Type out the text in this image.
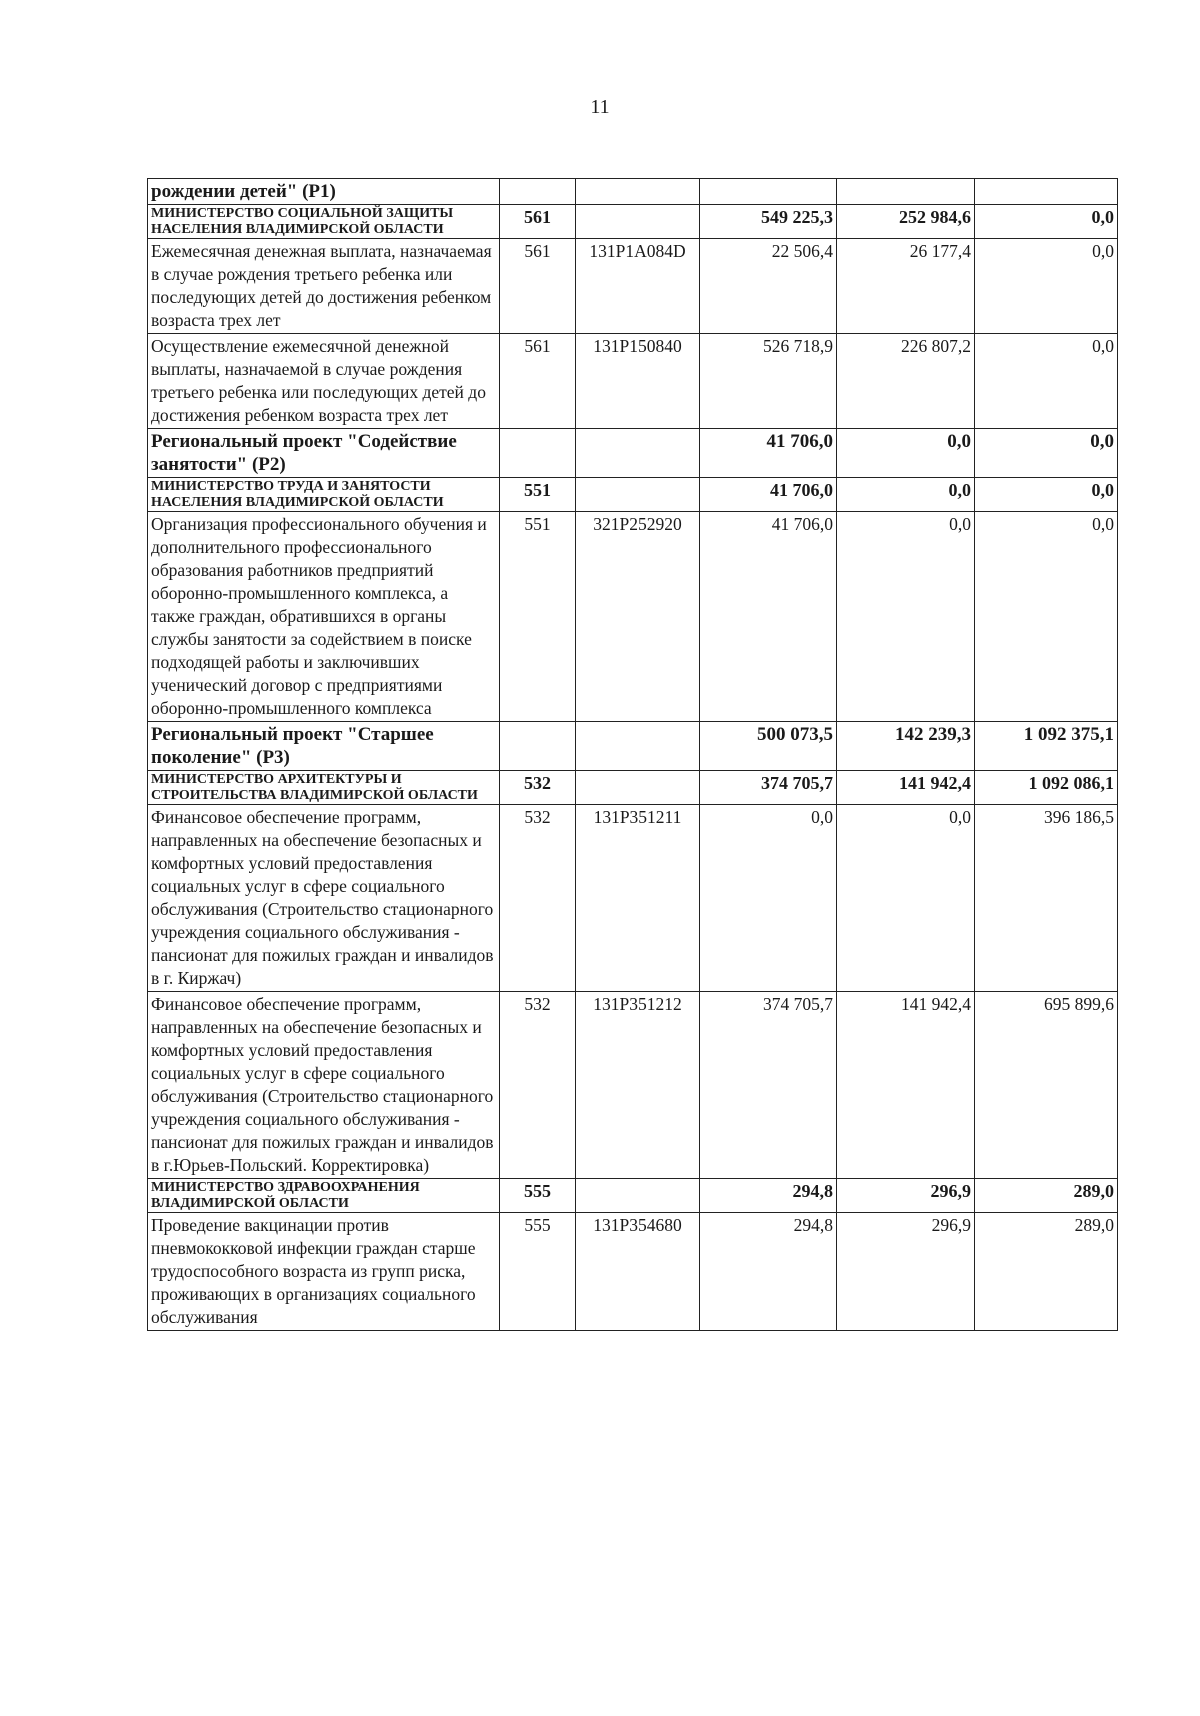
11
рождении детей" (P1)					
МИНИСТЕРСТВО СОЦИАЛЬНОЙ ЗАЩИТЫ НАСЕЛЕНИЯ ВЛАДИМИРСКОЙ ОБЛАСТИ	561		549 225,3	252 984,6	0,0
Ежемесячная денежная выплата, назначаемая в случае рождения третьего ребенка или последующих детей до достижения ребенком возраста трех лет	561	131P1A084D	22 506,4	26 177,4	0,0
Осуществление ежемесячной денежной выплаты, назначаемой в случае рождения третьего ребенка или последующих детей до достижения ребенком возраста трех лет	561	131P150840	526 718,9	226 807,2	0,0
Региональный проект "Содействие занятости" (P2)			41 706,0	0,0	0,0
МИНИСТЕРСТВО ТРУДА И ЗАНЯТОСТИ НАСЕЛЕНИЯ ВЛАДИМИРСКОЙ ОБЛАСТИ	551		41 706,0	0,0	0,0
Организация профессионального обучения и дополнительного профессионального образования работников предприятий оборонно-промышленного комплекса, а также граждан, обратившихся в органы службы занятости за содействием в поиске подходящей работы и заключивших ученический договор с предприятиями оборонно-промышленного комплекса	551	321P252920	41 706,0	0,0	0,0
Региональный проект "Старшее поколение" (P3)			500 073,5	142 239,3	1 092 375,1
МИНИСТЕРСТВО АРХИТЕКТУРЫ И СТРОИТЕЛЬСТВА ВЛАДИМИРСКОЙ ОБЛАСТИ	532		374 705,7	141 942,4	1 092 086,1
Финансовое обеспечение программ, направленных на обеспечение безопасных и комфортных условий предоставления социальных услуг в сфере социального обслуживания (Строительство стационарного учреждения социального обслуживания - пансионат для пожилых граждан и инвалидов в г. Киржач)	532	131P351211	0,0	0,0	396 186,5
Финансовое обеспечение программ, направленных на обеспечение безопасных и комфортных условий предоставления социальных услуг в сфере социального обслуживания (Строительство стационарного учреждения социального обслуживания - пансионат для пожилых граждан и инвалидов в г.Юрьев-Польский. Корректировка)	532	131P351212	374 705,7	141 942,4	695 899,6
МИНИСТЕРСТВО ЗДРАВООХРАНЕНИЯ ВЛАДИМИРСКОЙ ОБЛАСТИ	555		294,8	296,9	289,0
Проведение вакцинации против пневмококковой инфекции граждан старше трудоспособного возраста из групп риска, проживающих в организациях социального обслуживания	555	131P354680	294,8	296,9	289,0
